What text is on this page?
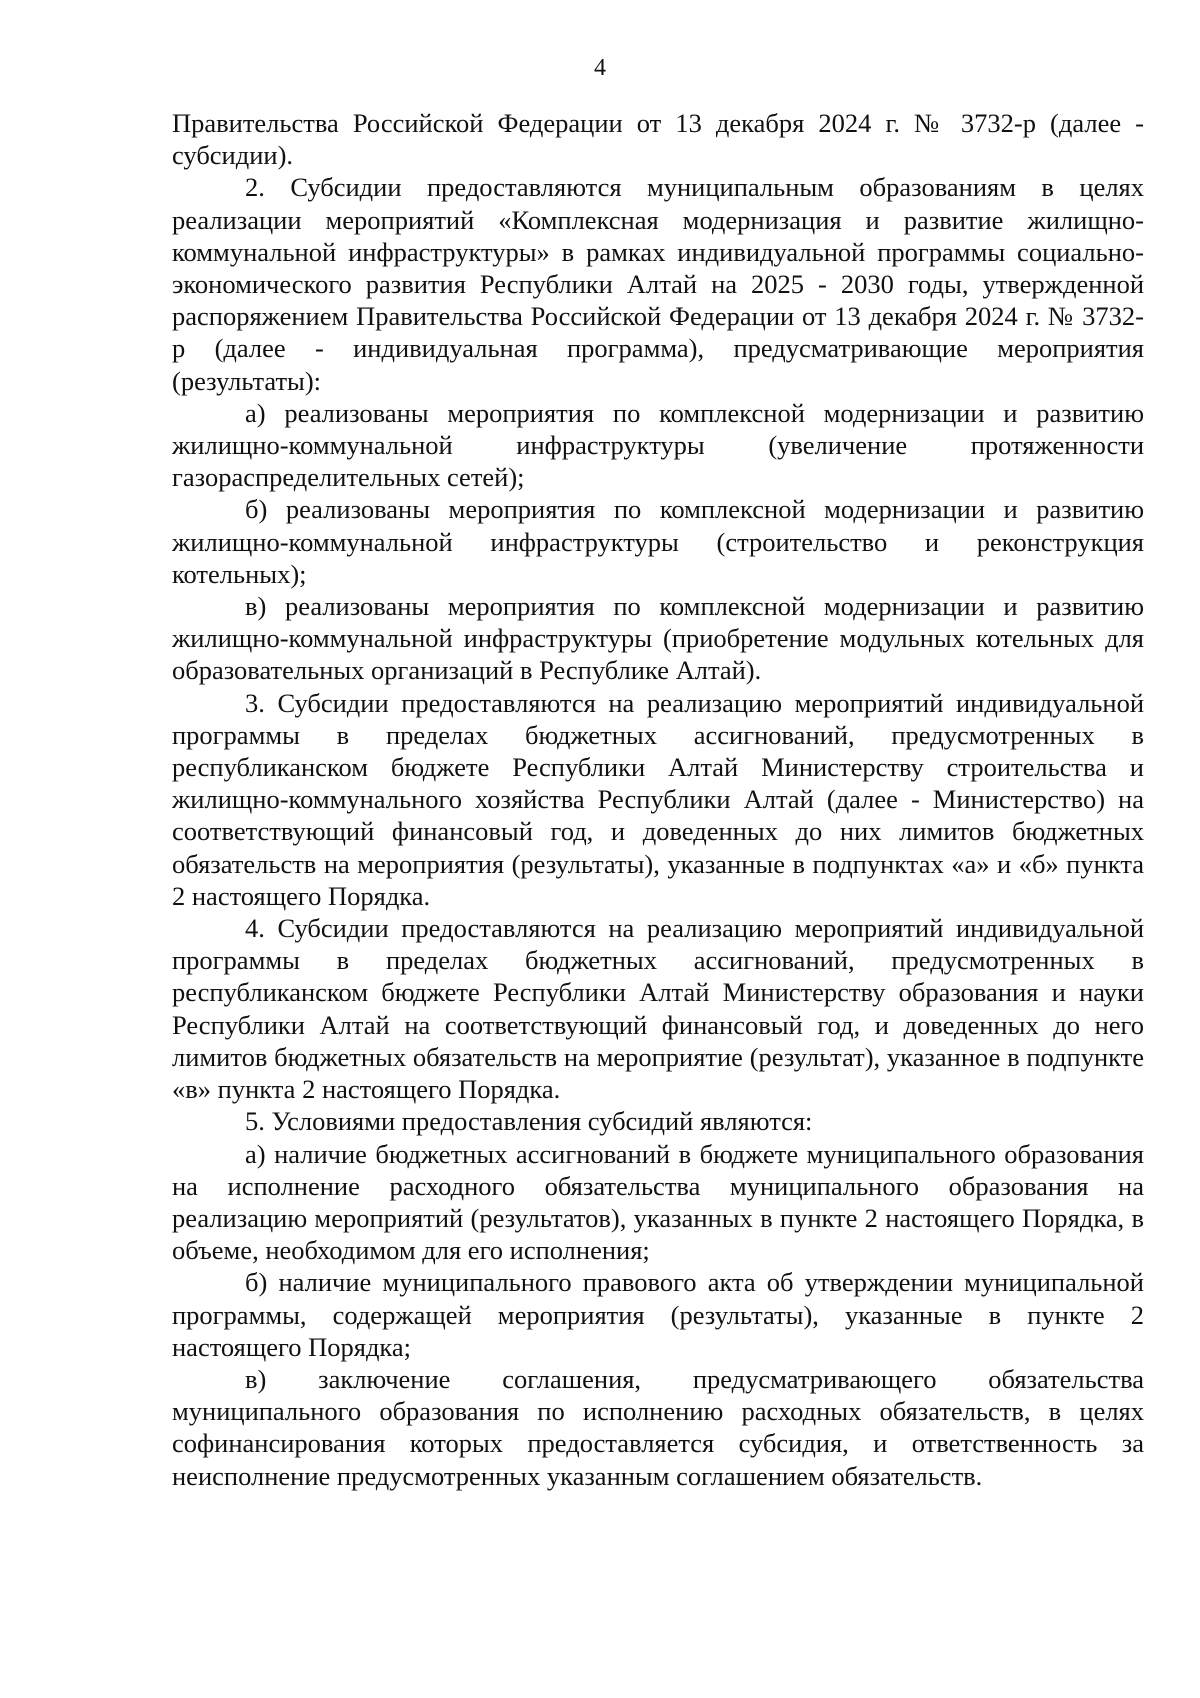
4

Правительства Российской Федерации от 13 декабря 2024 г. № 3732-р (далее - субсидии).

2. Субсидии предоставляются муниципальным образованиям в целях реализации мероприятий «Комплексная модернизация и развитие жилищно-коммунальной инфраструктуры» в рамках индивидуальной программы социально-экономического развития Республики Алтай на 2025 - 2030 годы, утвержденной распоряжением Правительства Российской Федерации от 13 декабря 2024 г. № 3732-р (далее - индивидуальная программа), предусматривающие мероприятия (результаты):

а) реализованы мероприятия по комплексной модернизации и развитию жилищно-коммунальной инфраструктуры (увеличение протяженности газораспределительных сетей);

б) реализованы мероприятия по комплексной модернизации и развитию жилищно-коммунальной инфраструктуры (строительство и реконструкция котельных);

в) реализованы мероприятия по комплексной модернизации и развитию жилищно-коммунальной инфраструктуры (приобретение модульных котельных для образовательных организаций в Республике Алтай).

3. Субсидии предоставляются на реализацию мероприятий индивидуальной программы в пределах бюджетных ассигнований, предусмотренных в республиканском бюджете Республики Алтай Министерству строительства и жилищно-коммунального хозяйства Республики Алтай (далее - Министерство) на соответствующий финансовый год, и доведенных до них лимитов бюджетных обязательств на мероприятия (результаты), указанные в подпунктах «а» и «б» пункта 2 настоящего Порядка.

4. Субсидии предоставляются на реализацию мероприятий индивидуальной программы в пределах бюджетных ассигнований, предусмотренных в республиканском бюджете Республики Алтай Министерству образования и науки Республики Алтай на соответствующий финансовый год, и доведенных до него лимитов бюджетных обязательств на мероприятие (результат), указанное в подпункте «в» пункта 2 настоящего Порядка.

5. Условиями предоставления субсидий являются:

а) наличие бюджетных ассигнований в бюджете муниципального образования на исполнение расходного обязательства муниципального образования на реализацию мероприятий (результатов), указанных в пункте 2 настоящего Порядка, в объеме, необходимом для его исполнения;

б) наличие муниципального правового акта об утверждении муниципальной программы, содержащей мероприятия (результаты), указанные в пункте 2 настоящего Порядка;

в) заключение соглашения, предусматривающего обязательства муниципального образования по исполнению расходных обязательств, в целях софинансирования которых предоставляется субсидия, и ответственность за неисполнение предусмотренных указанным соглашением обязательств.
